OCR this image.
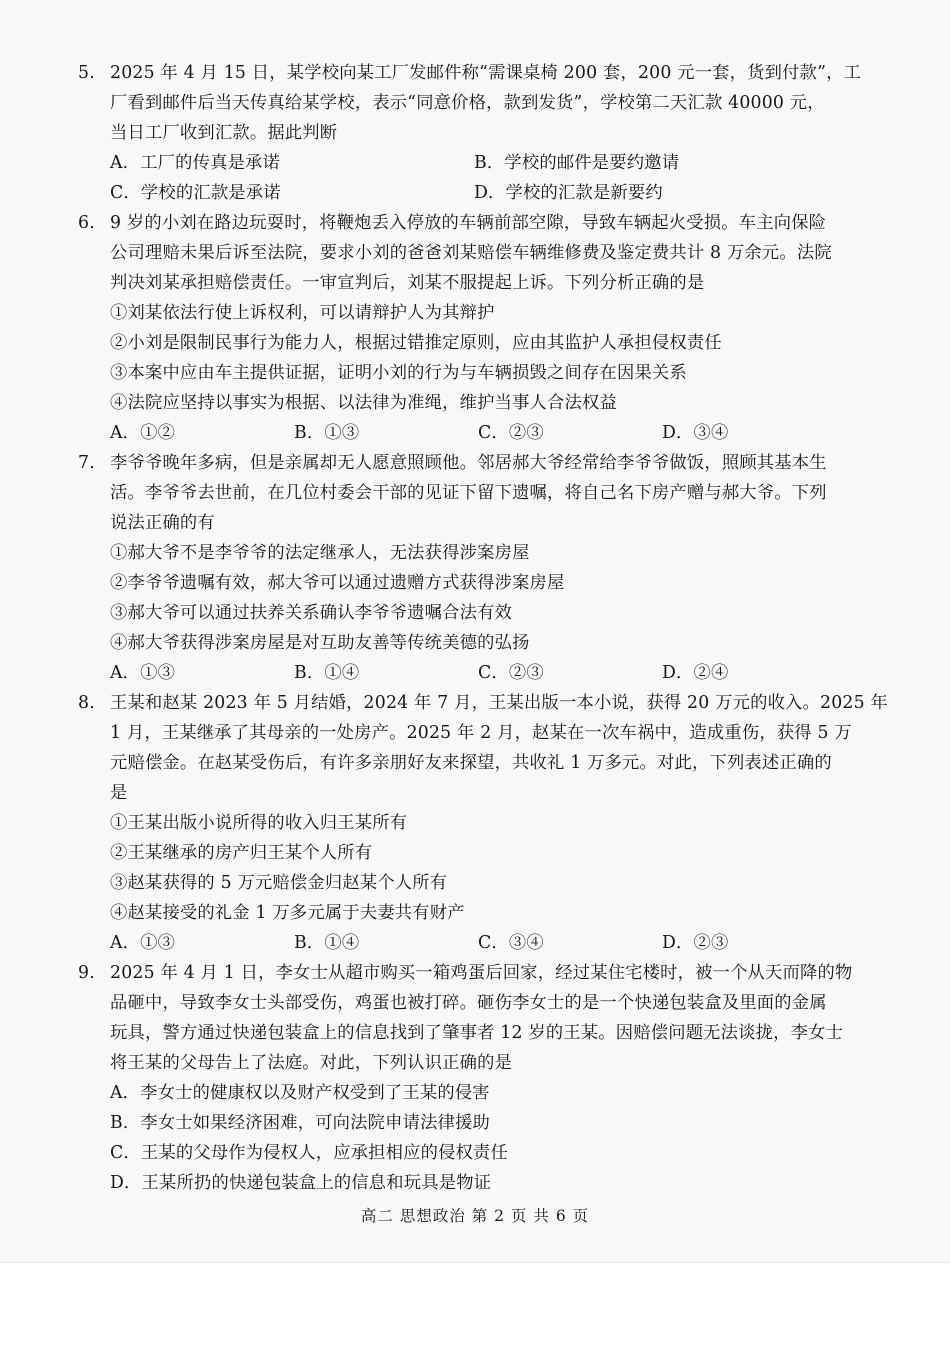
5. 2025 年 4 月 15 日，某学校向某工厂发邮件称“需课桌椅 200 套，200 元一套，货到付款”，工
厂看到邮件后当天传真给某学校，表示“同意价格，款到发货”，学校第二天汇款 40000 元，
当日工厂收到汇款。据此判断
A．工厂的传真是承诺	B．学校的邮件是要约邀请
C．学校的汇款是承诺	D．学校的汇款是新要约
6. 9 岁的小刘在路边玩耍时，将鞭炮丢入停放的车辆前部空隙，导致车辆起火受损。车主向保险
公司理赔未果后诉至法院，要求小刘的爸爸刘某赔偿车辆维修费及鉴定费共计 8 万余元。法院
判决刘某承担赔偿责任。一审宣判后，刘某不服提起上诉。下列分析正确的是
①刘某依法行使上诉权利，可以请辩护人为其辩护
②小刘是限制民事行为能力人，根据过错推定原则，应由其监护人承担侵权责任
③本案中应由车主提供证据，证明小刘的行为与车辆损毁之间存在因果关系
④法院应坚持以事实为根据、以法律为准绳，维护当事人合法权益
A．①②	B．①③	C．②③	D．③④
7. 李爷爷晚年多病，但是亲属却无人愿意照顾他。邻居郝大爷经常给李爷爷做饭，照顾其基本生
活。李爷爷去世前，在几位村委会干部的见证下留下遗嘱，将自己名下房产赠与郝大爷。下列
说法正确的有
①郝大爷不是李爷爷的法定继承人，无法获得涉案房屋
②李爷爷遗嘱有效，郝大爷可以通过遗赠方式获得涉案房屋
③郝大爷可以通过扶养关系确认李爷爷遗嘱合法有效
④郝大爷获得涉案房屋是对互助友善等传统美德的弘扬
A．①③	B．①④	C．②③	D．②④
8. 王某和赵某 2023 年 5 月结婚，2024 年 7 月，王某出版一本小说，获得 20 万元的收入。2025 年
1 月，王某继承了其母亲的一处房产。2025 年 2 月，赵某在一次车祸中，造成重伤，获得 5 万
元赔偿金。在赵某受伤后，有许多亲朋好友来探望，共收礼 1 万多元。对此，下列表述正确的
是
①王某出版小说所得的收入归王某所有
②王某继承的房产归王某个人所有
③赵某获得的 5 万元赔偿金归赵某个人所有
④赵某接受的礼金 1 万多元属于夫妻共有财产
A．①③	B．①④	C．③④	D．②③
9. 2025 年 4 月 1 日，李女士从超市购买一箱鸡蛋后回家，经过某住宅楼时，被一个从天而降的物
品砸中，导致李女士头部受伤，鸡蛋也被打碎。砸伤李女士的是一个快递包装盒及里面的金属
玩具，警方通过快递包装盒上的信息找到了肇事者 12 岁的王某。因赔偿问题无法谈拢，李女士
将王某的父母告上了法庭。对此，下列认识正确的是
A．李女士的健康权以及财产权受到了王某的侵害
B．李女士如果经济困难，可向法院申请法律援助
C．王某的父母作为侵权人，应承担相应的侵权责任
D．王某所扔的快递包装盒上的信息和玩具是物证
高二 思想政治 第 2 页 共 6 页
